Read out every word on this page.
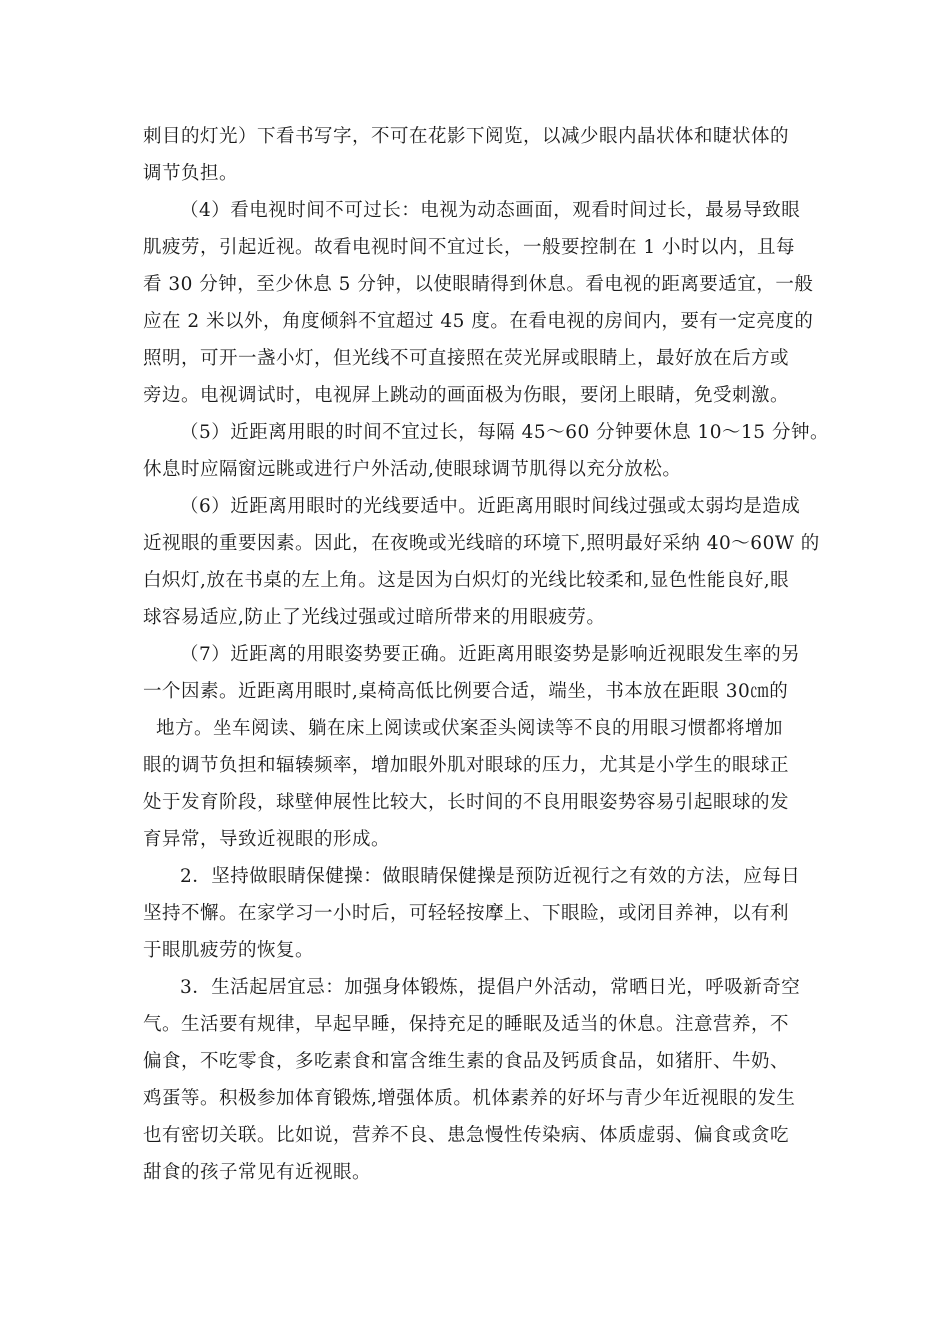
刺目的灯光）下看书写字，不可在花影下阅览，以减少眼内晶状体和睫状体的
调节负担。
（4）看电视时间不可过长：电视为动态画面，观看时间过长，最易导致眼
肌疲劳，引起近视。故看电视时间不宜过长，一般要控制在 1 小时以内，且每
看 30 分钟，至少休息 5 分钟，以使眼睛得到休息。看电视的距离要适宜，一般
应在 2 米以外，角度倾斜不宜超过 45 度。在看电视的房间内，要有一定亮度的
照明，可开一盏小灯，但光线不可直接照在荧光屏或眼睛上，最好放在后方或
旁边。电视调试时，电视屏上跳动的画面极为伤眼，要闭上眼睛，免受刺激。
（5）近距离用眼的时间不宜过长，每隔 45～60 分钟要休息 10～15 分钟。
休息时应隔窗远眺或进行户外活动,使眼球调节肌得以充分放松。
（6）近距离用眼时的光线要适中。近距离用眼时间线过强或太弱均是造成
近视眼的重要因素。因此，在夜晚或光线暗的环境下,照明最好采纳 40～60W 的
白炽灯,放在书桌的左上角。这是因为白炽灯的光线比较柔和,显色性能良好,眼
球容易适应,防止了光线过强或过暗所带来的用眼疲劳。
（7）近距离的用眼姿势要正确。近距离用眼姿势是影响近视眼发生率的另
一个因素。近距离用眼时,桌椅高低比例要合适，端坐，书本放在距眼 30㎝的
地方。坐车阅读、躺在床上阅读或伏案歪头阅读等不良的用眼习惯都将增加
眼的调节负担和辐辏频率，增加眼外肌对眼球的压力，尤其是小学生的眼球正
处于发育阶段，球壁伸展性比较大，长时间的不良用眼姿势容易引起眼球的发
育异常，导致近视眼的形成。
2．坚持做眼睛保健操：做眼睛保健操是预防近视行之有效的方法，应每日
坚持不懈。在家学习一小时后，可轻轻按摩上、下眼睑，或闭目养神，以有利
于眼肌疲劳的恢复。
3．生活起居宜忌：加强身体锻炼，提倡户外活动，常晒日光，呼吸新奇空
气。生活要有规律，早起早睡，保持充足的睡眠及适当的休息。注意营养，不
偏食，不吃零食，多吃素食和富含维生素的食品及钙质食品，如猪肝、牛奶、
鸡蛋等。积极参加体育锻炼,增强体质。机体素养的好坏与青少年近视眼的发生
也有密切关联。比如说，营养不良、患急慢性传染病、体质虚弱、偏食或贪吃
甜食的孩子常见有近视眼。
